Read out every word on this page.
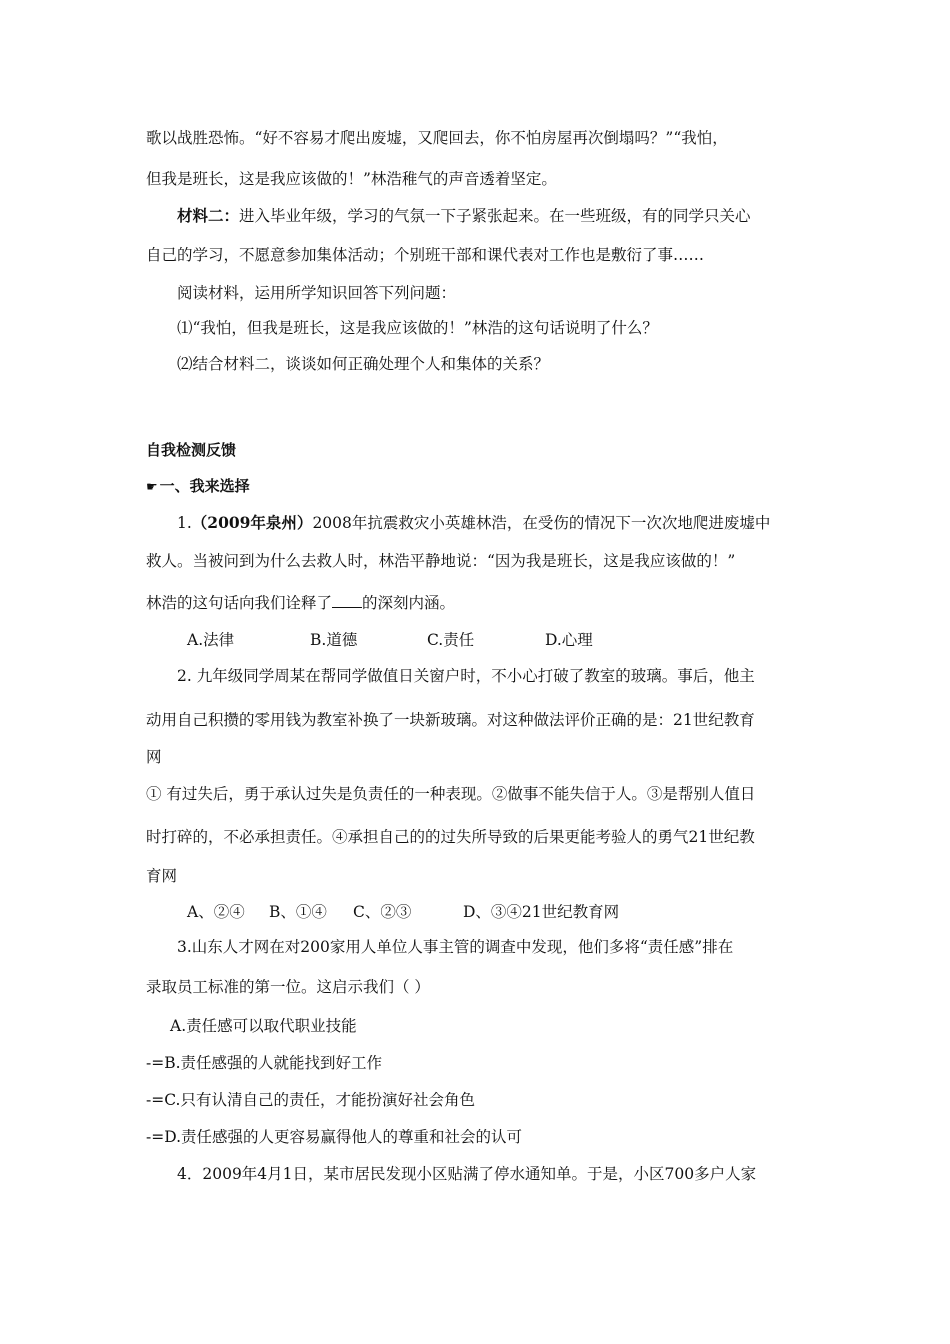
歌以战胜恐怖。“好不容易才爬出废墟，又爬回去，你不怕房屋再次倒塌吗？”“我怕，
但我是班长，这是我应该做的！”林浩稚气的声音透着坚定。
材料二：进入毕业年级，学习的气氛一下子紧张起来。在一些班级，有的同学只关心
自己的学习，不愿意参加集体活动；个别班干部和课代表对工作也是敷衍了事……
阅读材料，运用所学知识回答下列问题：
⑴“我怕，但我是班长，这是我应该做的！”林浩的这句话说明了什么？
⑵结合材料二，谈谈如何正确处理个人和集体的关系？
自我检测反馈
☛ 一、我来选择
1.（2009年泉州）2008年抗震救灾小英雄林浩，在受伤的情况下一次次地爬进废墟中
救人。当被问到为什么去救人时，林浩平静地说：“因为我是班长，这是我应该做的！”
林浩的这句话向我们诠释了 的深刻内涵。
A.法律	B.道德	C.责任	D.心理
2. 九年级同学周某在帮同学做值日关窗户时，不小心打破了教室的玻璃。事后，他主
动用自己积攒的零用钱为教室补换了一块新玻璃。对这种做法评价正确的是：21世纪教育
网
① 有过失后，勇于承认过失是负责任的一种表现。②做事不能失信于人。③是帮别人值日
时打碎的，不必承担责任。④承担自己的的过失所导致的后果更能考验人的勇气21世纪教
育网
A、②④ B、①④ C、②③	D、③④21世纪教育网
3.山东人才网在对200家用人单位人事主管的调查中发现，他们多将“责任感”排在
录取员工标准的第一位。这启示我们（ ）
A.责任感可以取代职业技能
-=B.责任感强的人就能找到好工作
-=C.只有认清自己的责任，才能扮演好社会角色
-=D.责任感强的人更容易赢得他人的尊重和社会的认可
4．2009年4月1日，某市居民发现小区贴满了停水通知单。于是，小区700多户人家
